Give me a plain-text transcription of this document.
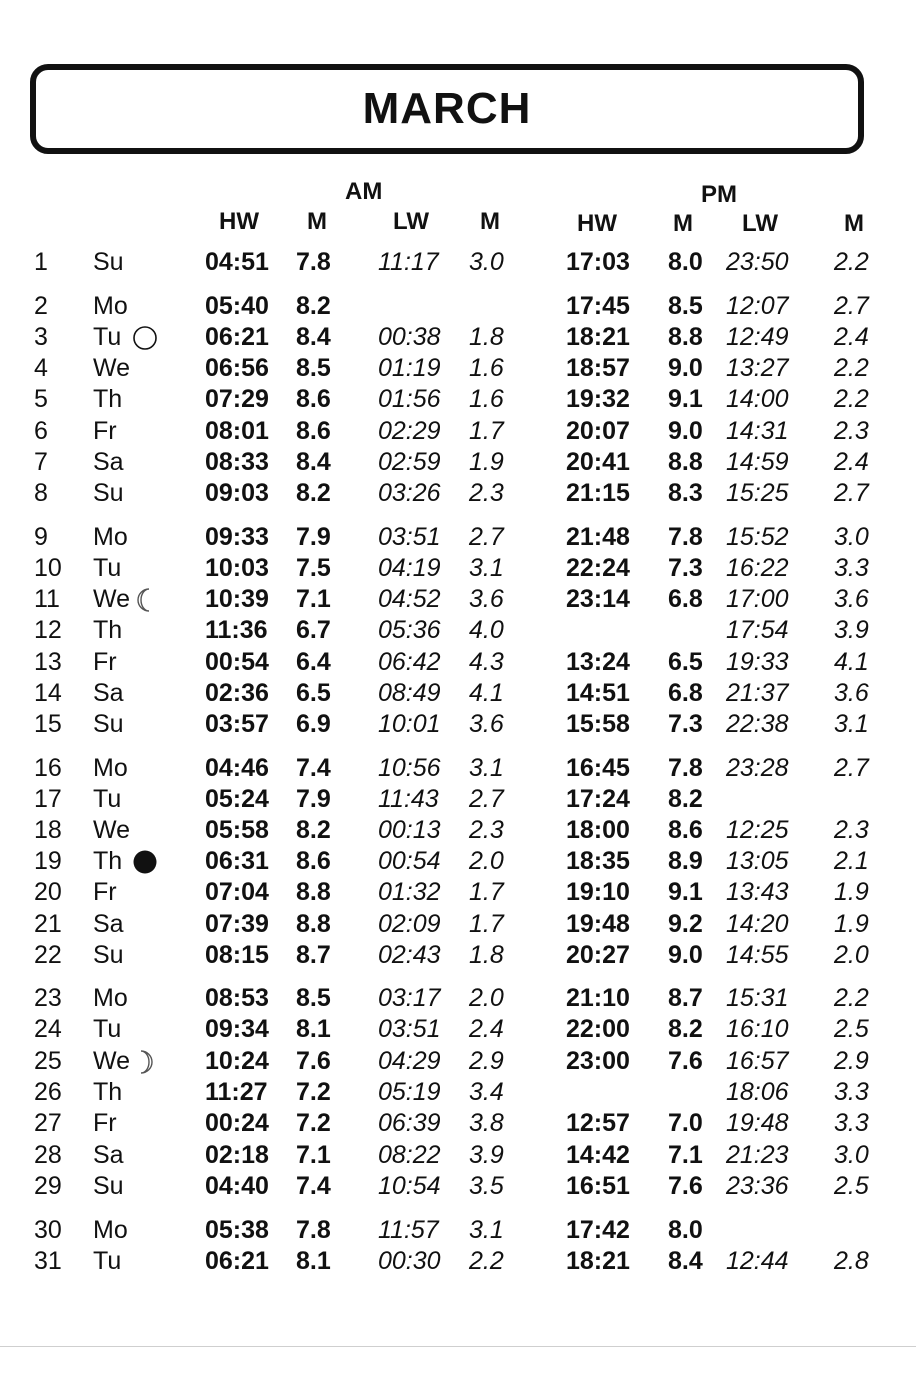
MARCH
AM	PM
HW M	LW M	HW M LW	M
1 Su	04:51 7.8 11:17 3.0 17:03 8.0 23:50 2.2
2 Mo	05:40 8.2	17:45 8.5 12:07 2.7
3 Tu	06:21 8.4 00:38 1.8 18:21 8.8 12:49 2.4
4 We	06:56 8.5 01:19 1.6 18:57 9.0 13:27 2.2
5 Th	07:29 8.6 01:56 1.6 19:32 9.1 14:00 2.2
6 Fr	08:01 8.6 02:29 1.7 20:07 9.0 14:31 2.3
7 Sa	08:33 8.4 02:59 1.9 20:41 8.8 14:59 2.4
8 Su	09:03 8.2 03:26 2.3 21:15 8.3 15:25 2.7
9 Mo	09:33 7.9 03:51 2.7 21:48 7.8 15:52 3.0
10 Tu	10:03 7.5 04:19 3.1 22:24 7.3 16:22 3.3
11 We	10:39 7.1 04:52 3.6 23:14 6.8 17:00 3.6
12 Th	11:36 6.7 05:36 4.0	17:54 3.9
13 Fr	00:54 6.4 06:42 4.3 13:24 6.5 19:33 4.1
14 Sa	02:36 6.5 08:49 4.1 14:51 6.8 21:37 3.6
15 Su	03:57 6.9 10:01 3.6 15:58 7.3 22:38 3.1
16 Mo	04:46 7.4 10:56 3.1 16:45 7.8 23:28 2.7
17 Tu	05:24 7.9 11:43 2.7 17:24 8.2
18 We	05:58 8.2 00:13 2.3 18:00 8.6 12:25 2.3
19 Th	06:31 8.6 00:54 2.0 18:35 8.9 13:05 2.1
20 Fr	07:04 8.8 01:32 1.7 19:10 9.1 13:43 1.9
21 Sa	07:39 8.8 02:09 1.7 19:48 9.2 14:20 1.9
22 Su	08:15 8.7 02:43 1.8 20:27 9.0 14:55 2.0
23 Mo	08:53 8.5 03:17 2.0 21:10 8.7 15:31 2.2
24 Tu	09:34 8.1 03:51 2.4 22:00 8.2 16:10 2.5
25 We	10:24 7.6 04:29 2.9 23:00 7.6 16:57 2.9
26 Th	11:27 7.2 05:19 3.4	18:06 3.3
27 Fr	00:24 7.2 06:39 3.8 12:57 7.0 19:48 3.3
28 Sa	02:18 7.1 08:22 3.9 14:42 7.1 21:23 3.0
29 Su	04:40 7.4 10:54 3.5 16:51 7.6 23:36 2.5
30 Mo	05:38 7.8 11:57 3.1 17:42 8.0
31 Tu	06:21 8.1 00:30 2.2 18:21 8.4 12:44 2.8
